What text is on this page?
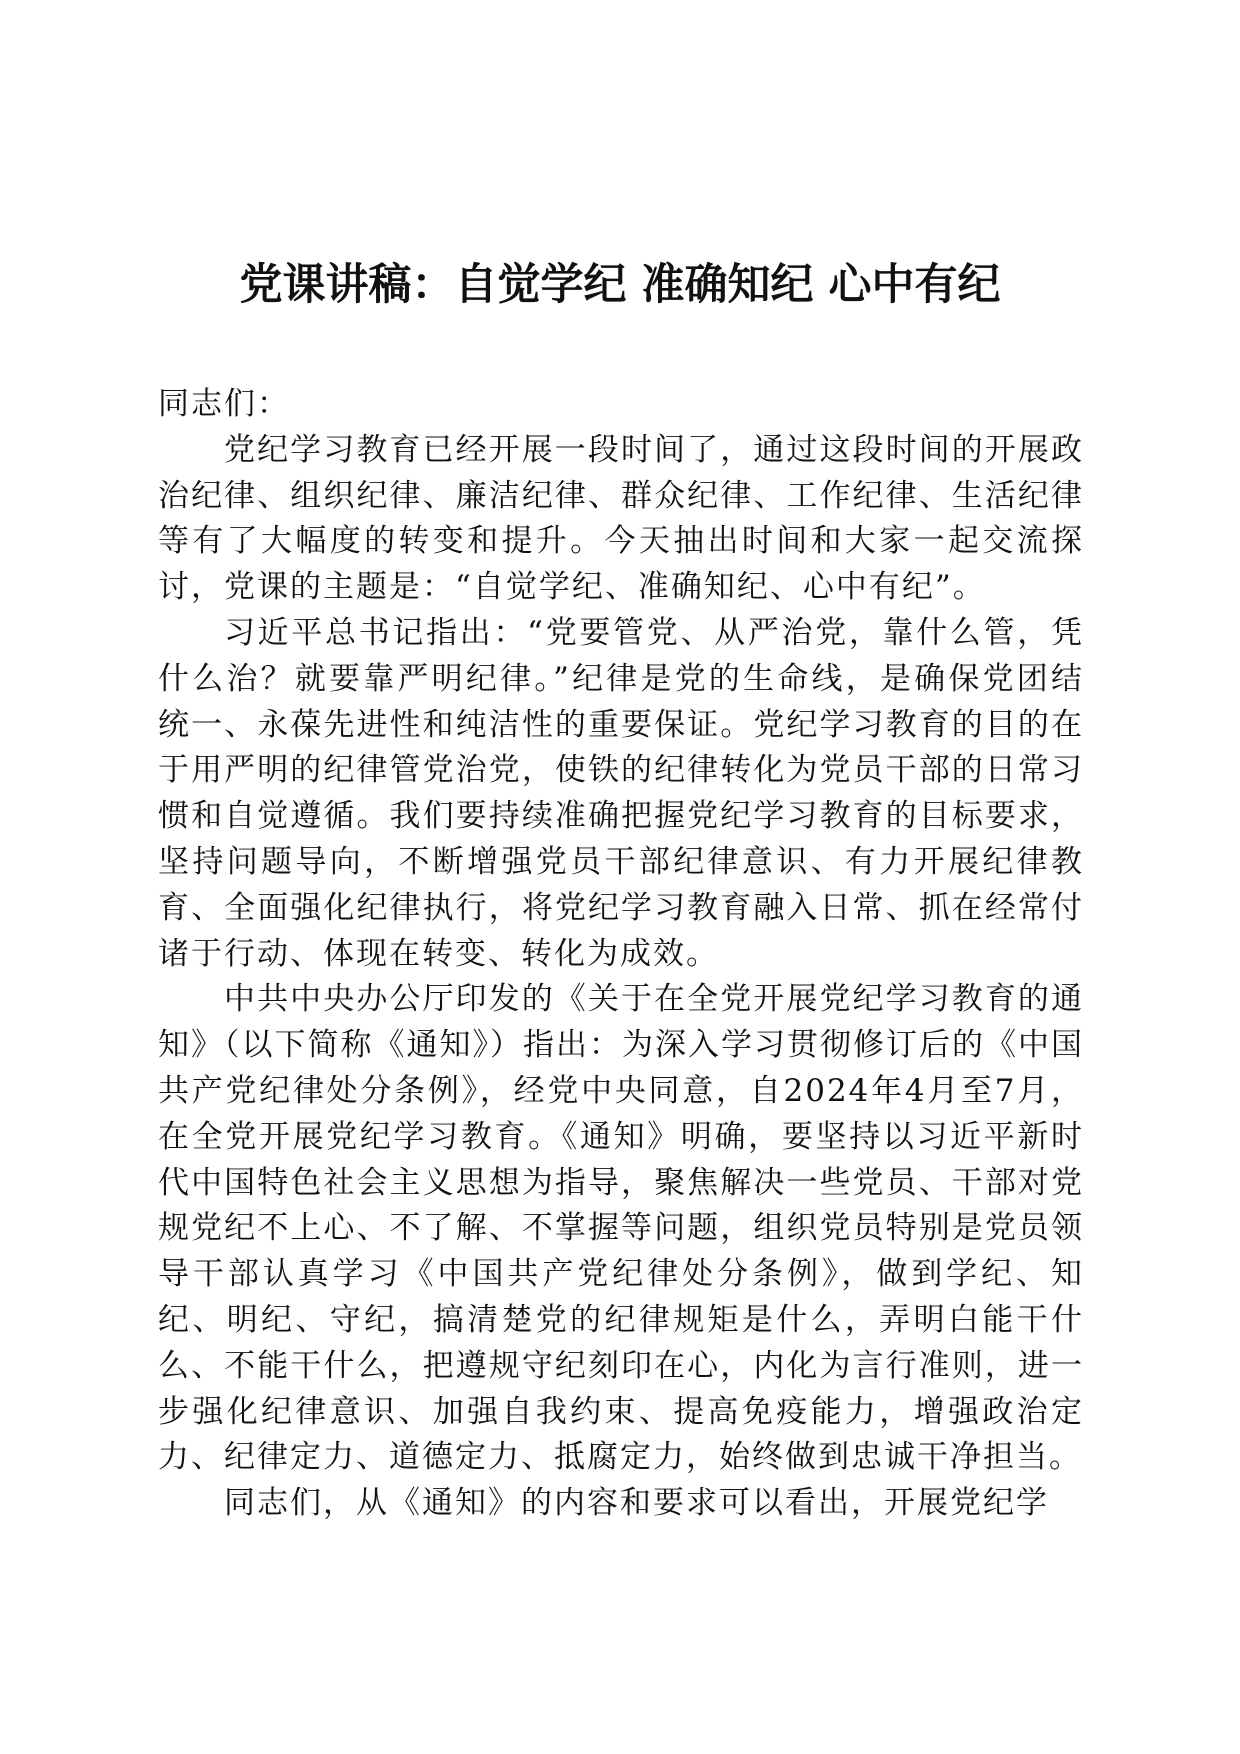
党课讲稿：自觉学纪 准确知纪 心中有纪

同志们：

党纪学习教育已经开展一段时间了，通过这段时间的开展政治纪律、组织纪律、廉洁纪律、群众纪律、工作纪律、生活纪律等有了大幅度的转变和提升。今天抽出时间和大家一起交流探讨，党课的主题是：“自觉学纪、准确知纪、心中有纪”。

习近平总书记指出：“党要管党、从严治党，靠什么管，凭什么治？就要靠严明纪律。”纪律是党的生命线，是确保党团结统一、永葆先进性和纯洁性的重要保证。党纪学习教育的目的在于用严明的纪律管党治党，使铁的纪律转化为党员干部的日常习惯和自觉遵循。我们要持续准确把握党纪学习教育的目标要求，坚持问题导向，不断增强党员干部纪律意识、有力开展纪律教育、全面强化纪律执行，将党纪学习教育融入日常、抓在经常付诸于行动、体现在转变、转化为成效。

中共中央办公厅印发的《关于在全党开展党纪学习教育的通知》（以下简称《通知》）指出：为深入学习贯彻修订后的《中国共产党纪律处分条例》，经党中央同意，自2024年4月至7月，在全党开展党纪学习教育。《通知》明确，要坚持以习近平新时代中国特色社会主义思想为指导，聚焦解决一些党员、干部对党规党纪不上心、不了解、不掌握等问题，组织党员特别是党员领导干部认真学习《中国共产党纪律处分条例》，做到学纪、知纪、明纪、守纪，搞清楚党的纪律规矩是什么，弄明白能干什么、不能干什么，把遵规守纪刻印在心，内化为言行准则，进一步强化纪律意识、加强自我约束、提高免疫能力，增强政治定力、纪律定力、道德定力、抵腐定力，始终做到忠诚干净担当。

同志们，从《通知》的内容和要求可以看出，开展党纪学
